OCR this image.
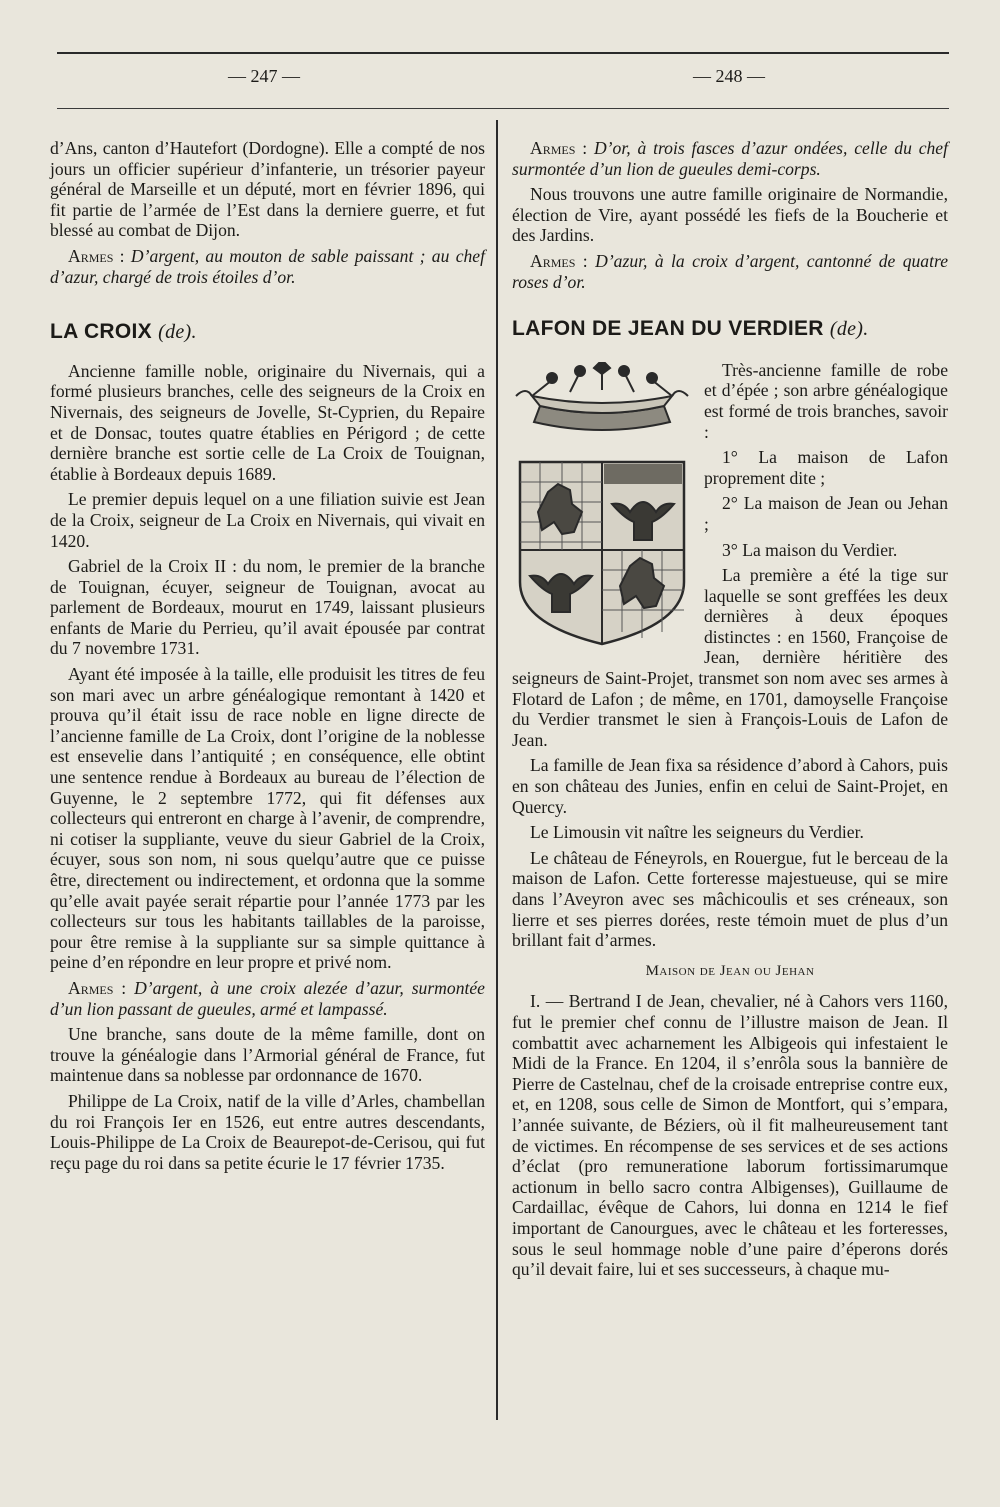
— 247 —	— 248 —

d’Ans, canton d’Hautefort (Dordogne). Elle a compté de nos jours un officier supérieur d’infanterie, un trésorier payeur général de Marseille et un député, mort en février 1896, qui fit partie de l’armée de l’Est dans la derniere guerre, et fut blessé au combat de Dijon.

Armes : D’argent, au mouton de sable paissant ; au chef d’azur, chargé de trois étoiles d’or.

LA CROIX (de).

Ancienne famille noble, originaire du Nivernais, qui a formé plusieurs branches, celle des seigneurs de la Croix en Nivernais, des seigneurs de Jovelle, St-Cyprien, du Repaire et de Donsac, toutes quatre établies en Périgord ; de cette dernière branche est sortie celle de La Croix de Touignan, établie à Bordeaux depuis 1689.

Le premier depuis lequel on a une filiation suivie est Jean de la Croix, seigneur de La Croix en Nivernais, qui vivait en 1420.

Gabriel de la Croix II : du nom, le premier de la branche de Touignan, écuyer, seigneur de Touignan, avocat au parlement de Bordeaux, mourut en 1749, laissant plusieurs enfants de Marie du Perrieu, qu’il avait épousée par contrat du 7 novembre 1731.

Ayant été imposée à la taille, elle produisit les titres de feu son mari avec un arbre généalogique remontant à 1420 et prouva qu’il était issu de race noble en ligne directe de l’ancienne famille de La Croix, dont l’origine de la noblesse est ensevelie dans l’antiquité ; en conséquence, elle obtint une sentence rendue à Bordeaux au bureau de l’élection de Guyenne, le 2 septembre 1772, qui fit défenses aux collecteurs qui entreront en charge à l’avenir, de comprendre, ni cotiser la suppliante, veuve du sieur Gabriel de la Croix, écuyer, sous son nom, ni sous quelqu’autre que ce puisse être, directement ou indirectement, et ordonna que la somme qu’elle avait payée serait répartie pour l’année 1773 par les collecteurs sur tous les habitants taillables de la paroisse, pour être remise à la suppliante sur sa simple quittance à peine d’en répondre en leur propre et privé nom.

Armes : D’argent, à une croix alezée d’azur, surmontée d’un lion passant de gueules, armé et lampassé.

Une branche, sans doute de la même famille, dont on trouve la généalogie dans l’Armorial général de France, fut maintenue dans sa noblesse par ordonnance de 1670.

Philippe de La Croix, natif de la ville d’Arles, chambellan du roi François Ier en 1526, eut entre autres descendants, Louis-Philippe de La Croix de Beaurepot-de-Cerisou, qui fut reçu page du roi dans sa petite écurie le 17 février 1735.

Armes : D’or, à trois fasces d’azur ondées, celle du chef surmontée d’un lion de gueules demi-corps.

Nous trouvons une autre famille originaire de Normandie, élection de Vire, ayant possédé les fiefs de la Boucherie et des Jardins.

Armes : D’azur, à la croix d’argent, cantonné de quatre roses d’or.

LAFON DE JEAN DU VERDIER (de).

Très-ancienne famille de robe et d’épée ; son arbre généalogique est formé de trois branches, savoir :

1° La maison de Lafon proprement dite ;

2° La maison de Jean ou Jehan ;

3° La maison du Verdier.

La première a été la tige sur laquelle se sont greffées les deux dernières à deux époques distinctes : en 1560, Françoise de Jean, dernière héritière des seigneurs de Saint-Projet, transmet son nom avec ses armes à Flotard de Lafon ; de même, en 1701, damoyselle Françoise du Verdier transmet le sien à François-Louis de Lafon de Jean.

La famille de Jean fixa sa résidence d’abord à Cahors, puis en son château des Junies, enfin en celui de Saint-Projet, en Quercy.

Le Limousin vit naître les seigneurs du Verdier.

Le château de Féneyrols, en Rouergue, fut le berceau de la maison de Lafon. Cette forteresse majestueuse, qui se mire dans l’Aveyron avec ses mâchicoulis et ses créneaux, son lierre et ses pierres dorées, reste témoin muet de plus d’un brillant fait d’armes.

Maison de Jean ou Jehan

I. — Bertrand I de Jean, chevalier, né à Cahors vers 1160, fut le premier chef connu de l’illustre maison de Jean. Il combattit avec acharnement les Albigeois qui infestaient le Midi de la France. En 1204, il s’enrôla sous la bannière de Pierre de Castelnau, chef de la croisade entreprise contre eux, et, en 1208, sous celle de Simon de Montfort, qui s’empara, l’année suivante, de Béziers, où il fit malheureusement tant de victimes. En récompense de ses services et de ses actions d’éclat (pro remuneratione laborum fortissimarumque actionum in bello sacro contra Albigenses), Guillaume de Cardaillac, évêque de Cahors, lui donna en 1214 le fief important de Canourgues, avec le château et les forteresses, sous le seul hommage noble d’une paire d’éperons dorés qu’il devait faire, lui et ses successeurs, à chaque mu-
